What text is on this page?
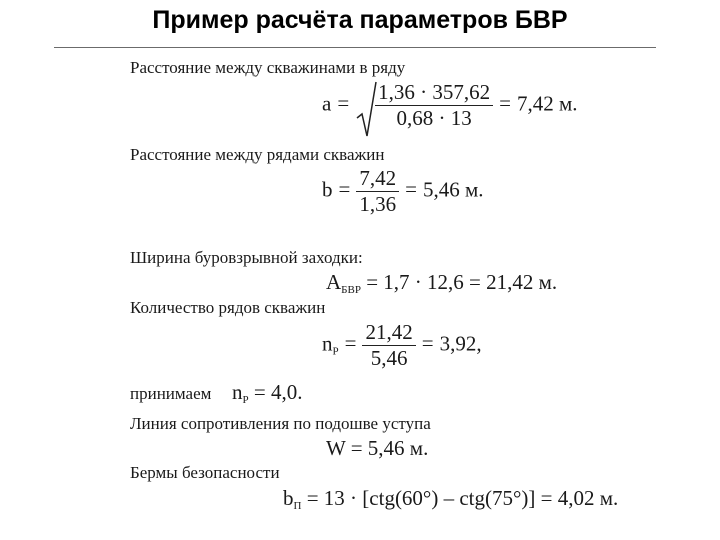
Пример расчёта параметров БВР
Расстояние между скважинами в ряду
$a = \frac{1,36 \cdot 357,62}{0,68 \cdot 13} = 7,42$ м.
Расстояние между рядами скважин
$b = \frac{7,42}{1,36} = 5,46$ м.
Ширина буровзрывной заходки:
$A_{БВР} = 1,7 \cdot 12,6 = 21,42$ м.
Количество рядов скважин
$n_P = \frac{21,42}{5,46} = 3,92$,
принимаем $n_P = 4,0$.
Линия сопротивления по подошве уступа
W = 5,46 м.
Бермы безопасности
$b_П = 13 \cdot [ctg(60^\circ) - ctg(75^\circ)] = 4,02$ м.
